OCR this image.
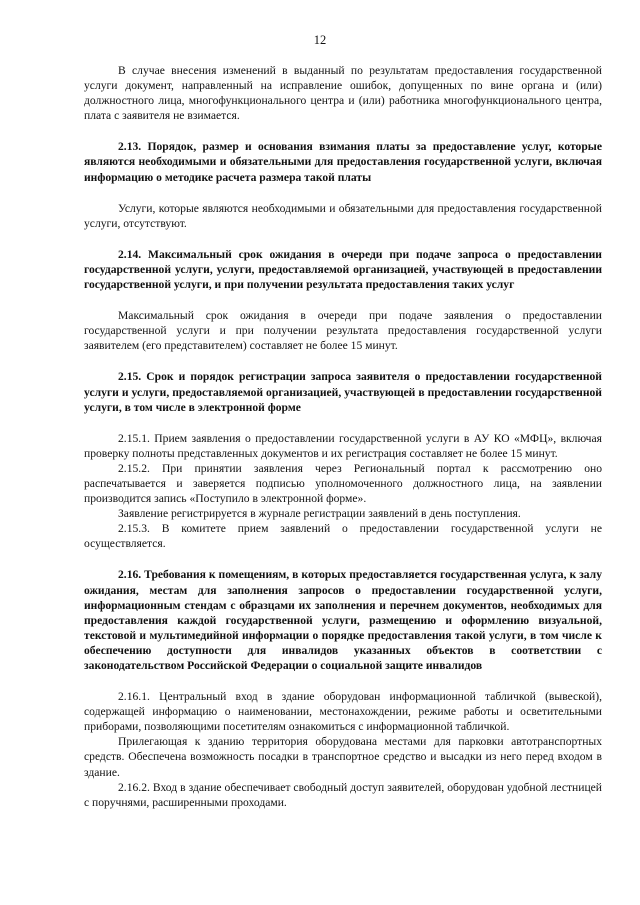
12

В случае внесения изменений в выданный по результатам предоставления государственной услуги документ, направленный на исправление ошибок, допущенных по вине органа и (или) должностного лица, многофункционального центра и (или) работника многофункционального центра, плата с заявителя не взимается.

2.13. Порядок, размер и основания взимания платы за предоставление услуг, которые являются необходимыми и обязательными для предоставления государственной услуги, включая информацию о методике расчета размера такой платы

Услуги, которые являются необходимыми и обязательными для предоставления государственной услуги, отсутствуют.

2.14. Максимальный срок ожидания в очереди при подаче запроса о предоставлении государственной услуги, услуги, предоставляемой организацией, участвующей в предоставлении государственной услуги, и при получении результата предоставления таких услуг

Максимальный срок ожидания в очереди при подаче заявления о предоставлении государственной услуги и при получении результата предоставления государственной услуги заявителем (его представителем) составляет не более 15 минут.

2.15. Срок и порядок регистрации запроса заявителя о предоставлении государственной услуги и услуги, предоставляемой организацией, участвующей в предоставлении государственной услуги, в том числе в электронной форме

2.15.1. Прием заявления о предоставлении государственной услуги в АУ КО «МФЦ», включая проверку полноты представленных документов и их регистрация составляет не более 15 минут.

2.15.2. При принятии заявления через Региональный портал к рассмотрению оно распечатывается и заверяется подписью уполномоченного должностного лица, на заявлении производится запись «Поступило в электронной форме».

Заявление регистрируется в журнале регистрации заявлений в день поступления.

2.15.3. В комитете прием заявлений о предоставлении государственной услуги не осуществляется.

2.16. Требования к помещениям, в которых предоставляется государственная услуга, к залу ожидания, местам для заполнения запросов о предоставлении государственной услуги, информационным стендам с образцами их заполнения и перечнем документов, необходимых для предоставления каждой государственной услуги, размещению и оформлению визуальной, текстовой и мультимедийной информации о порядке предоставления такой услуги, в том числе к обеспечению доступности для инвалидов указанных объектов в соответствии с законодательством Российской Федерации о социальной защите инвалидов

2.16.1. Центральный вход в здание оборудован информационной табличкой (вывеской), содержащей информацию о наименовании, местонахождении, режиме работы и осветительными приборами, позволяющими посетителям ознакомиться с информационной табличкой.

Прилегающая к зданию территория оборудована местами для парковки автотранспортных средств. Обеспечена возможность посадки в транспортное средство и высадки из него перед входом в здание.

2.16.2. Вход в здание обеспечивает свободный доступ заявителей, оборудован удобной лестницей с поручнями, расширенными проходами.
